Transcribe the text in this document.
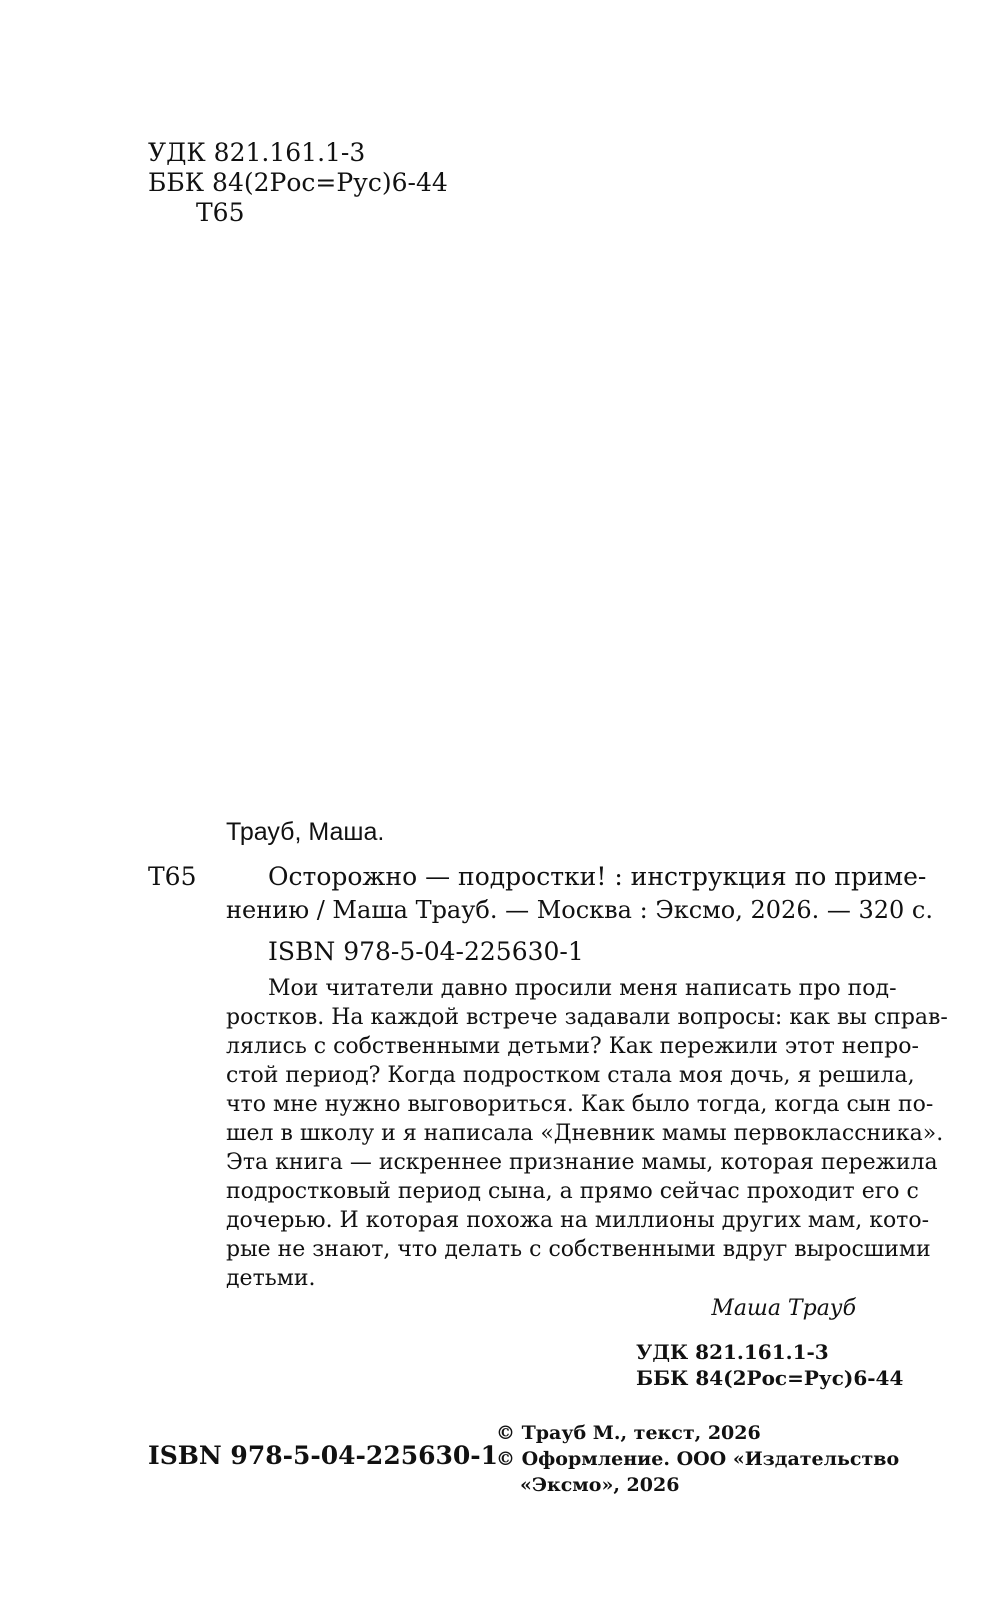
УДК 821.161.1-3
ББК 84(2Рос=Рус)6-44
Т65
Трауб, Маша.
Т65	Осторожно — подростки! : инструкция по приме-
нению / Маша Трауб. — Москва : Эксмо, 2026. — 320 с.
ISBN 978-5-04-225630-1
Мои читатели давно просили меня написать про под-
ростков. На каждой встрече задавали вопросы: как вы справ-
лялись с собственными детьми? Как пережили этот непро-
стой период? Когда подростком стала моя дочь, я решила,
что мне нужно выговориться. Как было тогда, когда сын по-
шел в школу и я написала «Дневник мамы первоклассника».
Эта книга — искреннее признание мамы, которая пережила
подростковый период сына, а прямо сейчас проходит его с
дочерью. И которая похожа на миллионы других мам, кото-
рые не знают, что делать с собственными вдруг выросшими
детьми.
Маша Трауб
УДК 821.161.1-3
ББК 84(2Рос=Рус)6-44
© Трауб М., текст, 2026
© Оформление. ООО «Издательство
«Эксмо», 2026
ISBN 978-5-04-225630-1
